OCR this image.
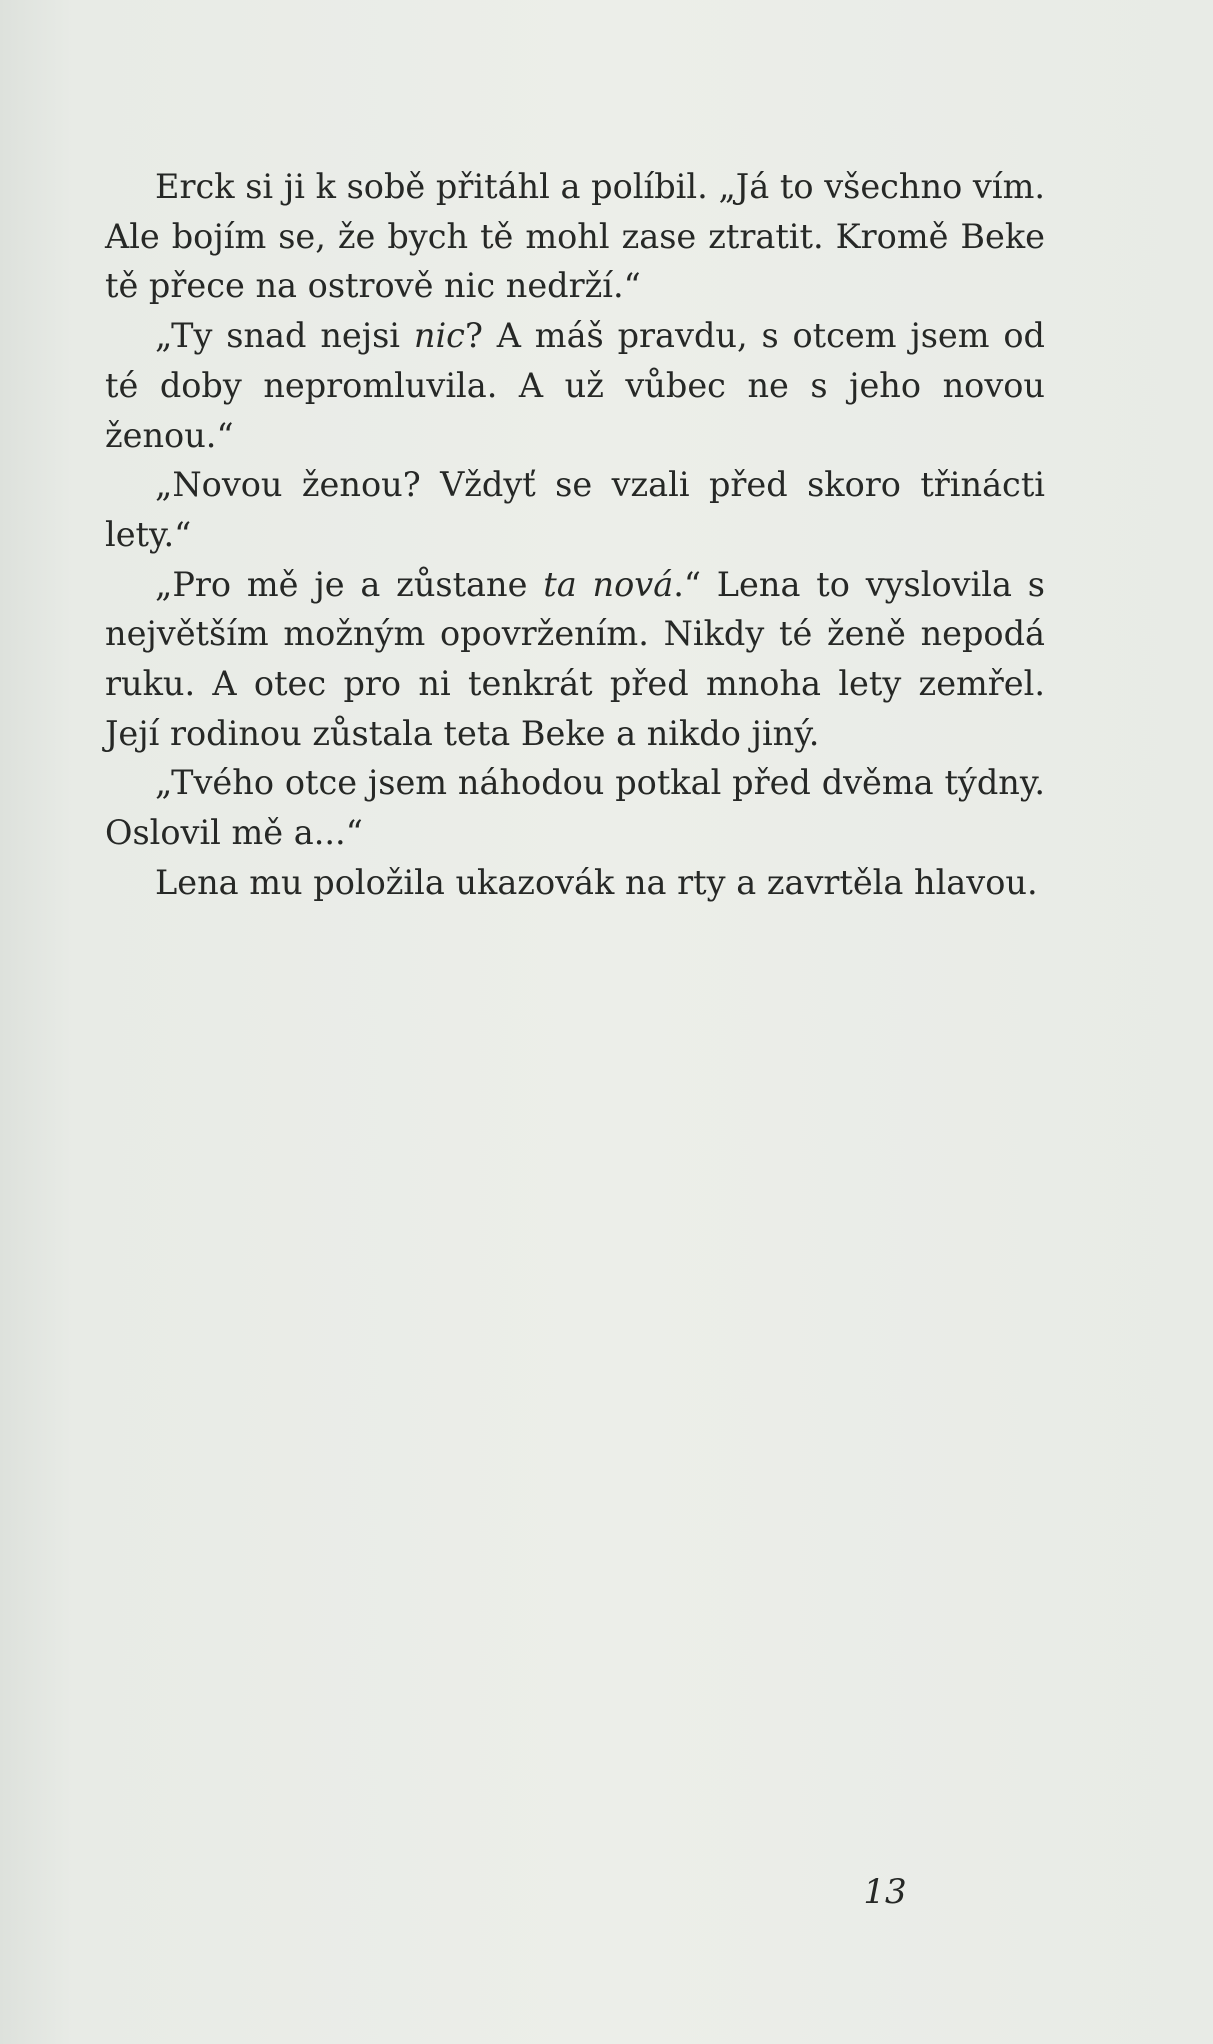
Erck si ji k sobě přitáhl a políbil. „Já to všechno vím. Ale bojím se, že bych tě mohl zase ztratit. Kromě Beke tě přece na ostrově nic nedrží.“

„Ty snad nejsi nic? A máš pravdu, s otcem jsem od té doby nepromluvila. A už vůbec ne s jeho novou ženou.“

„Novou ženou? Vždyť se vzali před skoro třinácti lety.“

„Pro mě je a zůstane ta nová.“ Lena to vyslovila s největším možným opovržením. Nikdy té ženě nepodá ruku. A otec pro ni tenkrát před mnoha lety zemřel. Její rodinou zůstala teta Beke a nikdo jiný.

„Tvého otce jsem náhodou potkal před dvěma týdny. Oslovil mě a...“

Lena mu položila ukazovák na rty a zavrtěla hlavou.

13
